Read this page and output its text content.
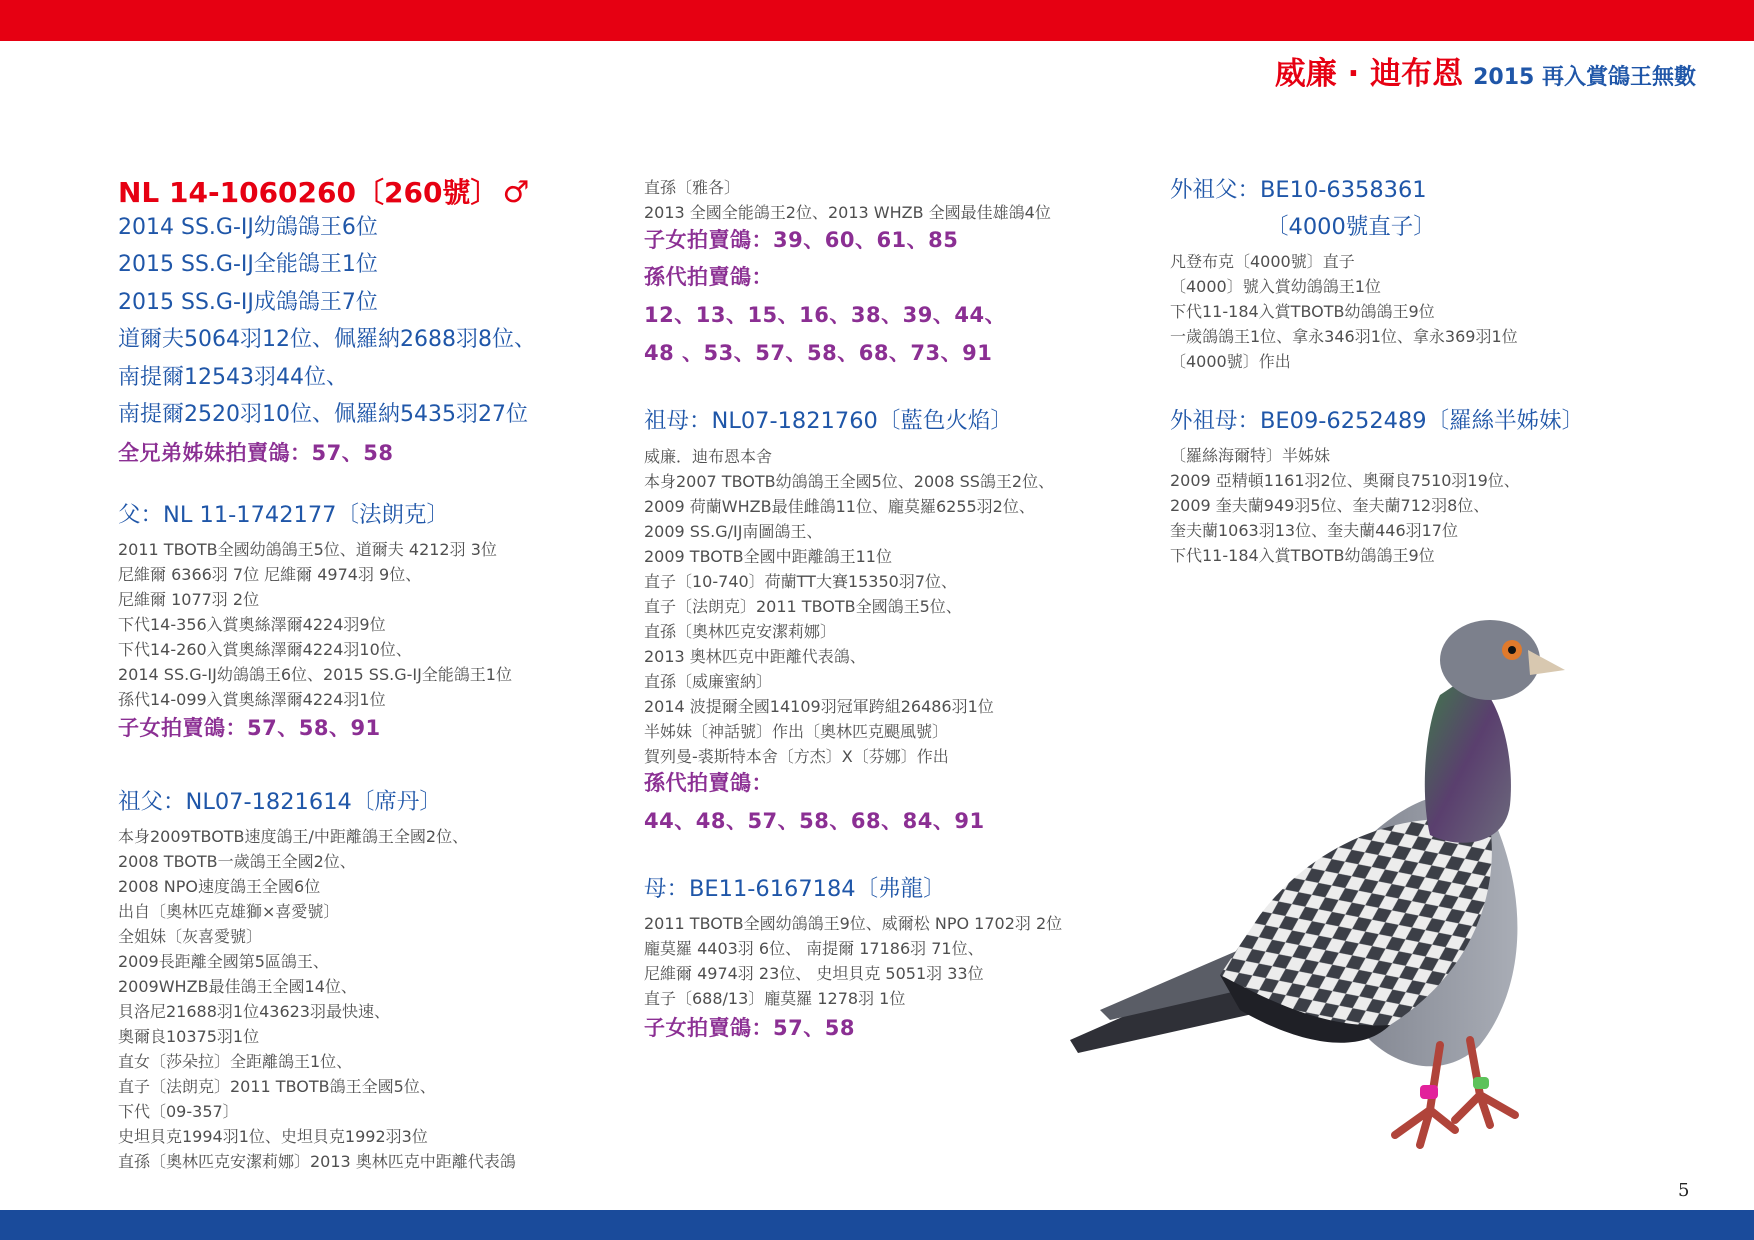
威廉 · 迪布恩 2015 再入賞鴿王無數
NL 14-1060260〔260號〕 ♂
2014 SS.G-IJ幼鴿鴿王6位
2015 SS.G-IJ全能鴿王1位
2015 SS.G-IJ成鴿鴿王7位
道爾夫5064羽12位、佩羅納2688羽8位、
南提爾12543羽44位、
南提爾2520羽10位、佩羅納5435羽27位
全兄弟姊妹拍賣鴿：57、58
父：NL 11-1742177〔法朗克〕
2011 TBOTB全國幼鴿鴿王5位、道爾夫 4212羽 3位
尼維爾 6366羽 7位 尼維爾 4974羽 9位、
尼維爾 1077羽 2位
下代14-356入賞奧絲澤爾4224羽9位
下代14-260入賞奧絲澤爾4224羽10位、
2014 SS.G-IJ幼鴿鴿王6位、2015 SS.G-IJ全能鴿王1位
孫代14-099入賞奧絲澤爾4224羽1位
子女拍賣鴿：57、58、91
祖父：NL07-1821614〔席丹〕
本身2009TBOTB速度鴿王/中距離鴿王全國2位、
2008 TBOTB一歲鴿王全國2位、
2008 NPO速度鴿王全國6位
出自〔奧林匹克雄獅×喜愛號〕
全姐妹〔灰喜愛號〕
2009長距離全國第5區鴿王、
2009WHZB最佳鴿王全國14位、
貝洛尼21688羽1位43623羽最快速、
奧爾良10375羽1位
直女〔莎朵拉〕全距離鴿王1位、
直子〔法朗克〕2011 TBOTB鴿王全國5位、
下代〔09-357〕
史坦貝克1994羽1位、史坦貝克1992羽3位
直孫〔奧林匹克安潔莉娜〕2013 奧林匹克中距離代表鴿
直孫〔雅各〕
2013 全國全能鴿王2位、2013 WHZB 全國最佳雄鴿4位
子女拍賣鴿：39、60、61、85
孫代拍賣鴿：
12、13、15、16、38、39、44、
48 、53、57、58、68、73、91
祖母：NL07-1821760〔藍色火焰〕
威廉．迪布恩本舍
本身2007 TBOTB幼鴿鴿王全國5位、2008 SS鴿王2位、
2009 荷蘭WHZB最佳雌鴿11位、龐莫羅6255羽2位、
2009 SS.G/IJ南圖鴿王、
2009 TBOTB全國中距離鴿王11位
直子〔10-740〕荷蘭TT大賽15350羽7位、
直子〔法朗克〕2011 TBOTB全國鴿王5位、
直孫〔奧林匹克安潔莉娜〕
2013 奧林匹克中距離代表鴿、
直孫〔威廉蜜納〕
2014 波提爾全國14109羽冠軍跨組26486羽1位
半姊妹〔神話號〕作出〔奧林匹克颶風號〕
賀列曼-裘斯特本舍〔方杰〕X〔芬娜〕作出
孫代拍賣鴿：
44、48、57、58、68、84、91
母：BE11-6167184〔弗龍〕
2011 TBOTB全國幼鴿鴿王9位、威爾松 NPO 1702羽 2位
龐莫羅 4403羽 6位、 南提爾 17186羽 71位、
尼維爾 4974羽 23位、 史坦貝克 5051羽 33位
直子〔688/13〕龐莫羅 1278羽 1位
子女拍賣鴿：57、58
外祖父：BE10-6358361
〔4000號直子〕
凡登布克〔4000號〕直子
〔4000〕號入賞幼鴿鴿王1位
下代11-184入賞TBOTB幼鴿鴿王9位
一歲鴿鴿王1位、拿永346羽1位、拿永369羽1位
〔4000號〕作出
外祖母：BE09-6252489〔羅絲半姊妹〕
〔羅絲海爾特〕半姊妹
2009 亞精頓1161羽2位、奧爾良7510羽19位、
2009 奎夫蘭949羽5位、奎夫蘭712羽8位、
奎夫蘭1063羽13位、奎夫蘭446羽17位
下代11-184入賞TBOTB幼鴿鴿王9位
5
